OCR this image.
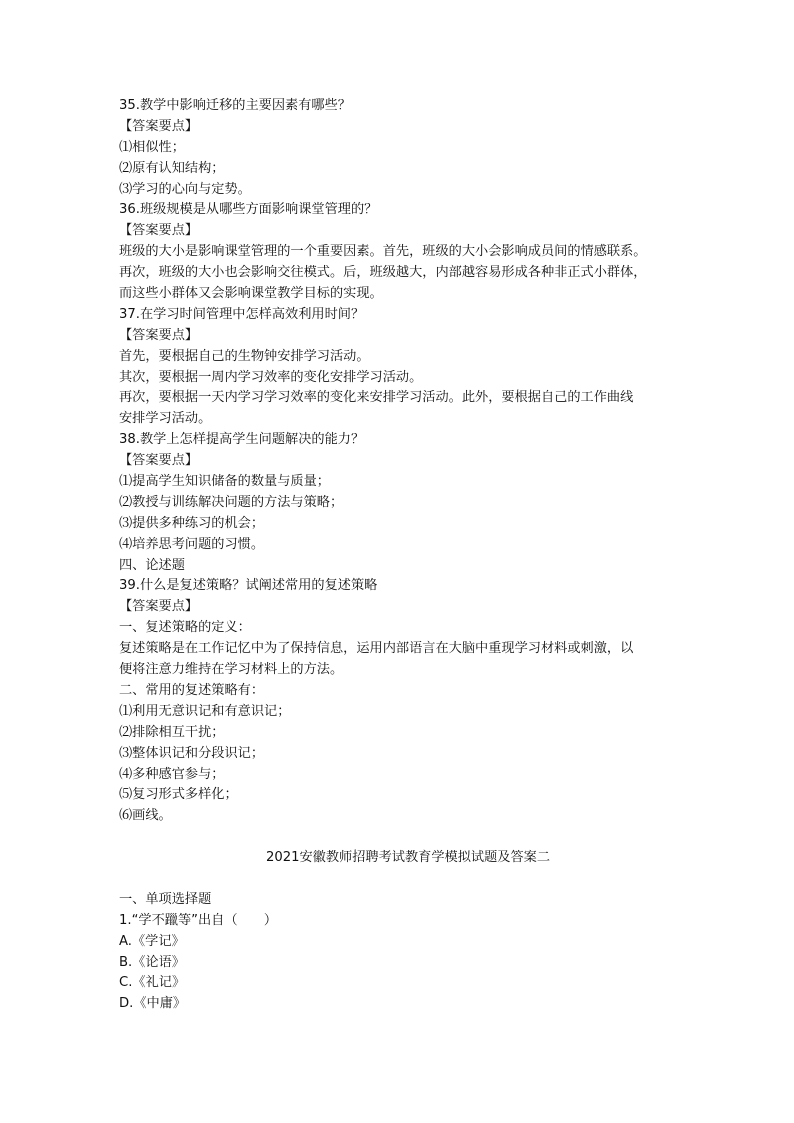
35.教学中影响迁移的主要因素有哪些？
【答案要点】
⑴相似性；
⑵原有认知结构；
⑶学习的心向与定势。
36.班级规模是从哪些方面影响课堂管理的？
【答案要点】
班级的大小是影响课堂管理的一个重要因素。首先，班级的大小会影响成员间的情感联系。
再次，班级的大小也会影响交往模式。后，班级越大，内部越容易形成各种非正式小群体，
而这些小群体又会影响课堂教学目标的实现。
37.在学习时间管理中怎样高效利用时间？
【答案要点】
首先，要根据自己的生物钟安排学习活动。
其次，要根据一周内学习效率的变化安排学习活动。
再次，要根据一天内学习学习效率的变化来安排学习活动。此外，要根据自己的工作曲线
安排学习活动。
38.教学上怎样提高学生问题解决的能力？
【答案要点】
⑴提高学生知识储备的数量与质量；
⑵教授与训练解决问题的方法与策略；
⑶提供多种练习的机会；
⑷培养思考问题的习惯。
四、论述题
39.什么是复述策略？试阐述常用的复述策略
【答案要点】
一、复述策略的定义：
复述策略是在工作记忆中为了保持信息，运用内部语言在大脑中重现学习材料或刺激，以
便将注意力维持在学习材料上的方法。
二、常用的复述策略有：
⑴利用无意识记和有意识记；
⑵排除相互干扰；
⑶整体识记和分段识记；
⑷多种感官参与；
⑸复习形式多样化；
⑹画线。
2021安徽教师招聘考试教育学模拟试题及答案二
一、单项选择题
1.“学不躐等”出自（　　）
A.《学记》
B.《论语》
C.《礼记》
D.《中庸》
